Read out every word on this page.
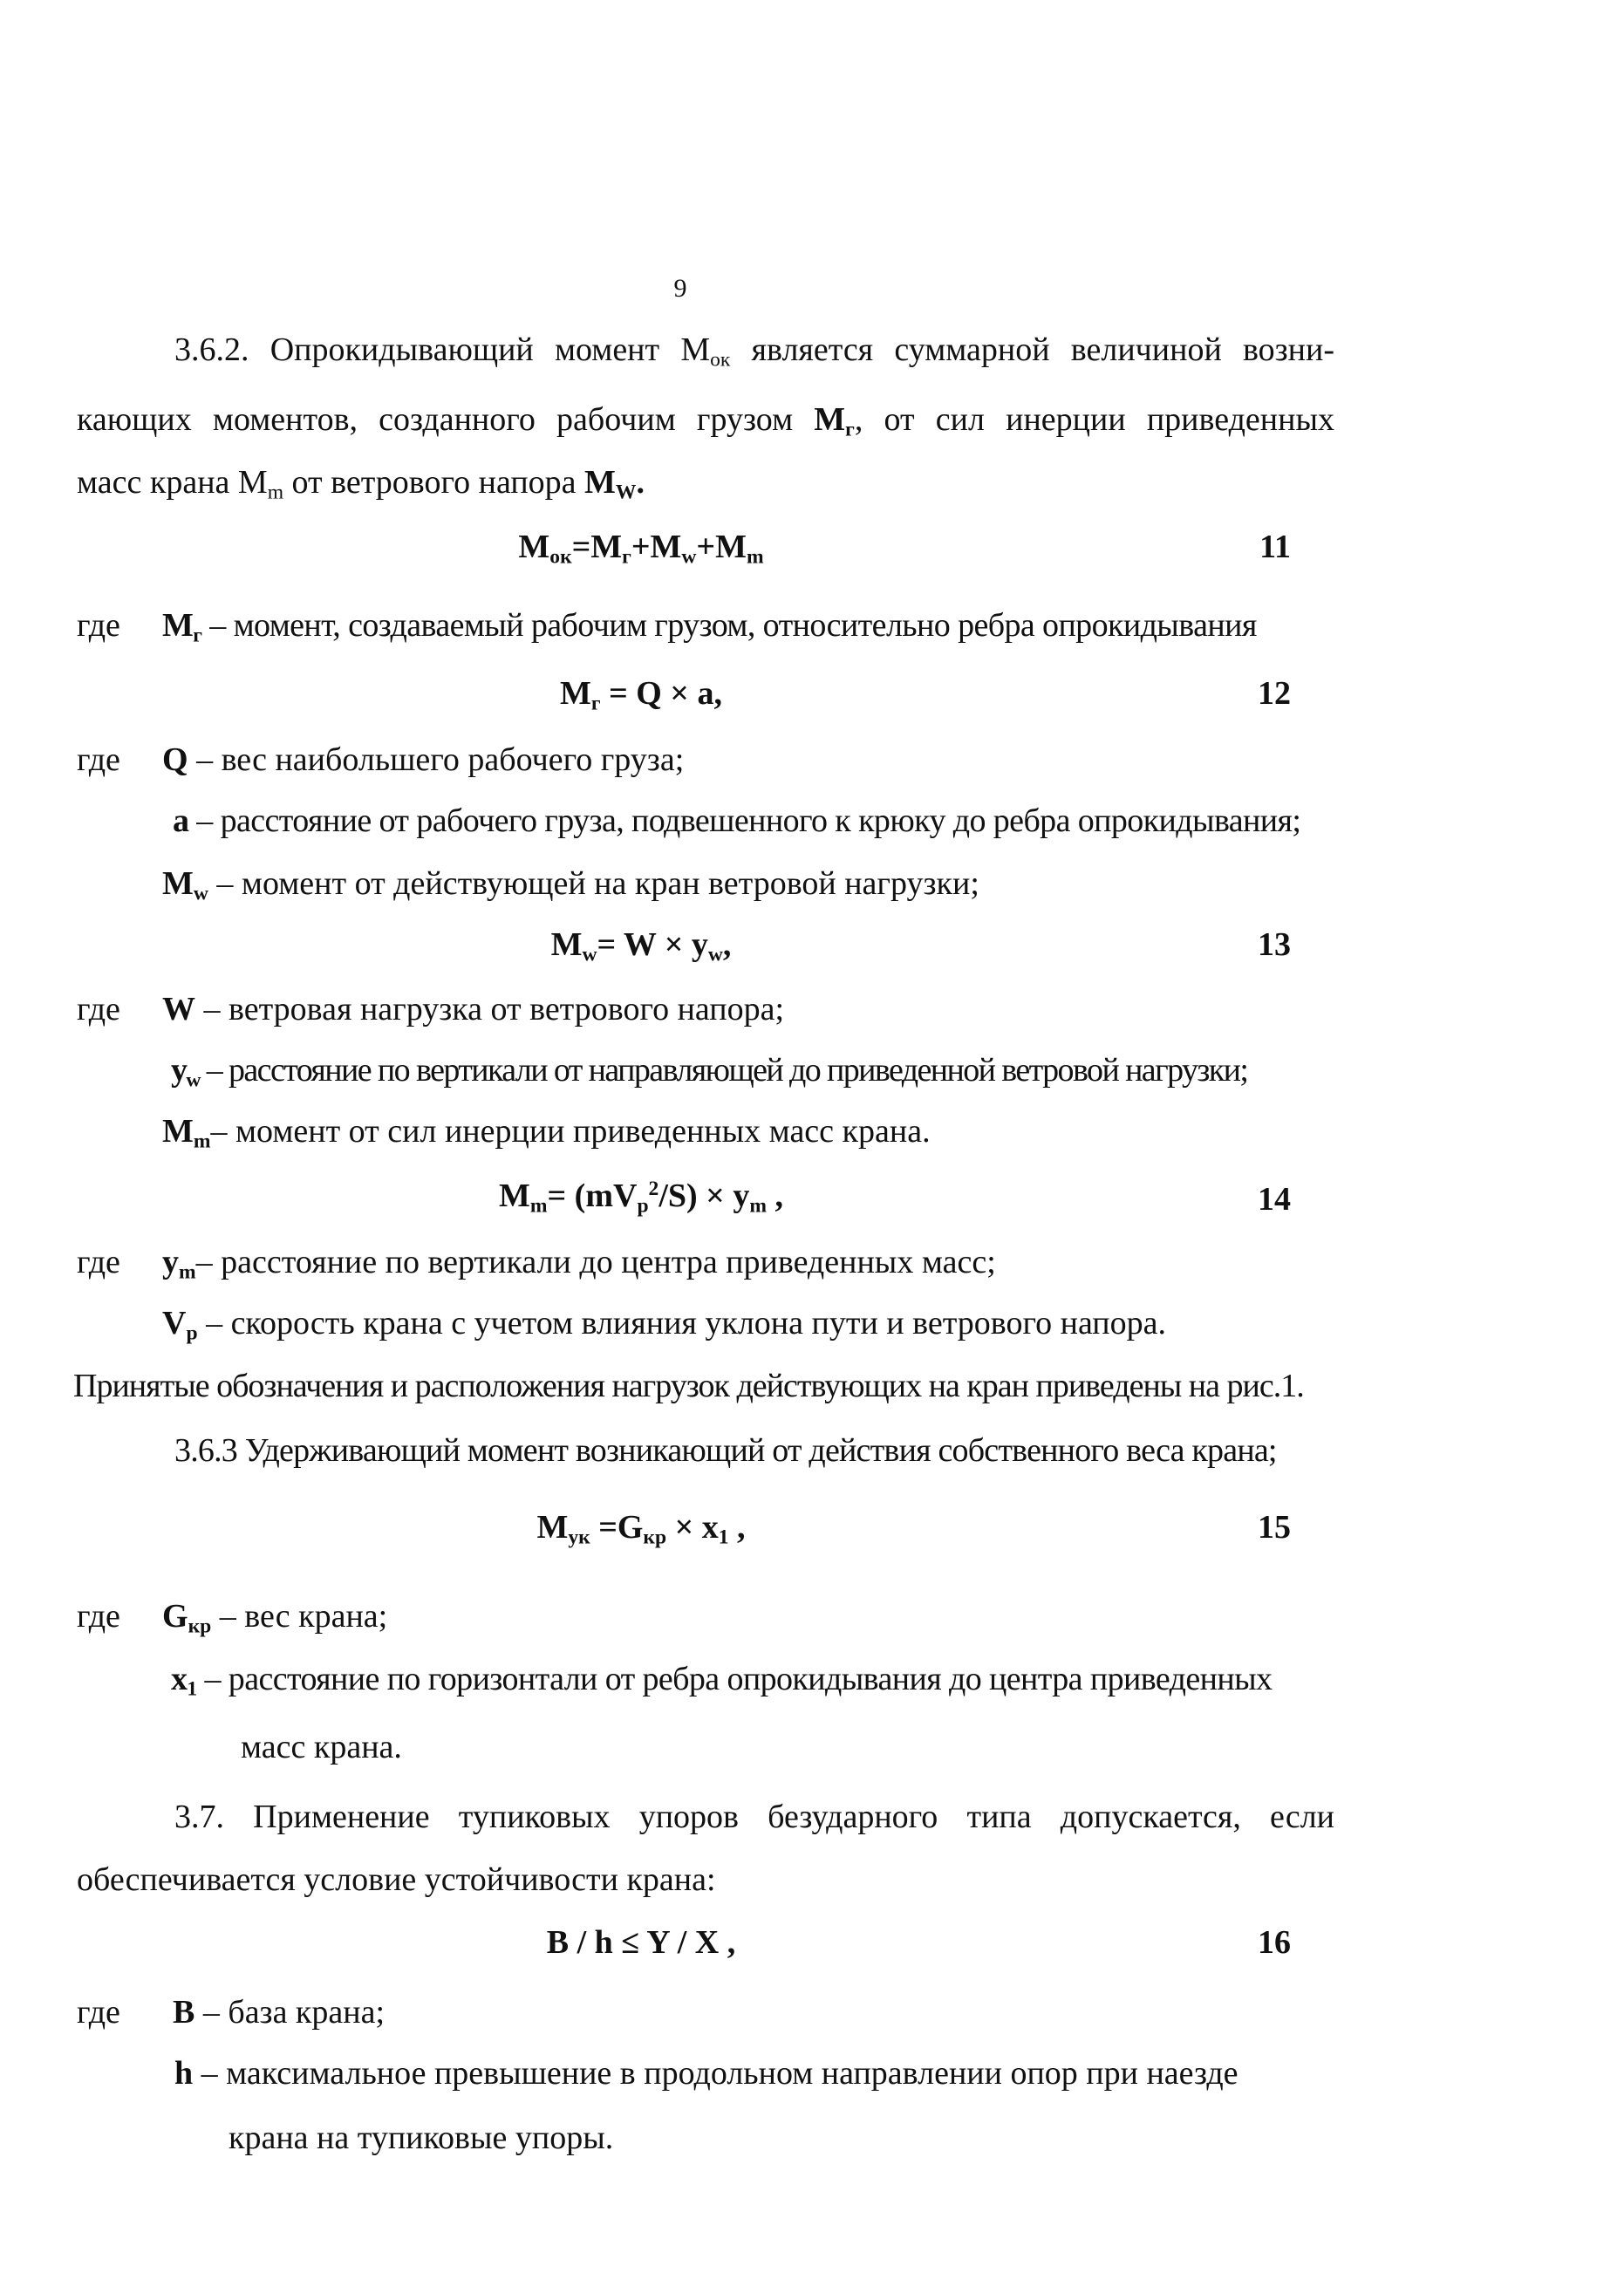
9
3.6.2. Опрокидывающий момент $M_{ок}$ является суммарной величиной возни-
кающих моментов, созданного рабочим грузом $M_г$, от сил инерции приведенных
масс крана $M_m$ от ветрового напора $M_W$.
$M_{ок}=M_г+M_w+M_m$	11
где $M_г$ – момент, создаваемый рабочим грузом, относительно ребра опрокидывания
$M_г = Q \times a$,	12
где Q – вес наибольшего рабочего груза;
a – расстояние от рабочего груза, подвешенного к крюку до ребра опрокидывания;
$M_w$ – момент от действующей на кран ветровой нагрузки;
$M_w= W \times y_w$,	13
где W – ветровая нагрузка от ветрового напора;
$y_w$ – расстояние по вертикали от направляющей до приведенной ветровой нагрузки;
$M_m-$ момент от сил инерции приведенных масс крана.
$M_m= (mV_p^2/S) \times y_m$ ,	14
где $y_m-$ расстояние по вертикали до центра приведенных масс;
$V_p$ – скорость крана с учетом влияния уклона пути и ветрового напора.
Принятые обозначения и расположения нагрузок действующих на кран приведены на рис.1.
3.6.3 Удерживающий момент возникающий от действия собственного веса крана;
$M_{ук} =G_{кр} \times x_1$ ,	15
где $G_{кр}$ – вес крана;
$x_1$ – расстояние по горизонтали от ребра опрокидывания до центра приведенных
масс крана.
3.7. Применение тупиковых упоров безударного типа допускается, если
обеспечивается условие устойчивости крана:
B / h ≤ Y / X ,	16
где B – база крана;
h – максимальное превышение в продольном направлении опор при наезде
крана на тупиковые упоры.
